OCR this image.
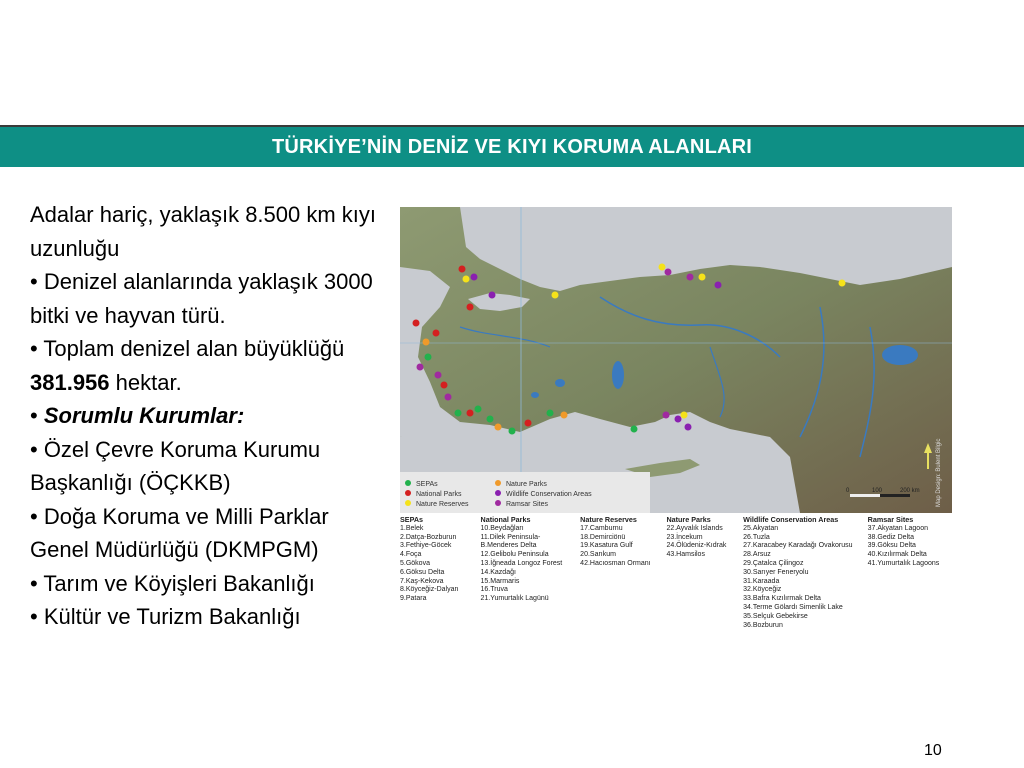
TÜRKİYE’NİN DENİZ VE KIYI KORUMA ALANLARI

Adalar hariç, yaklaşık 8.500 km kıyı uzunluğu

• Denizel alanlarında yaklaşık 3000 bitki ve hayvan türü.

• Toplam denizel alan büyüklüğü 381.956 hektar.

• Sorumlu Kurumlar:

• Özel Çevre Koruma Kurumu Başkanlığı (ÖÇKKB)

• Doğa Koruma ve Milli Parklar Genel Müdürlüğü (DKMPGM)

• Tarım ve Köyişleri Bakanlığı

• Kültür ve Turizm Bakanlığı

SEPAs
National Parks
Nature Reserves
Nature Parks
Wildlife Conservation Areas
Ramsar Sites
0	100	200 km	Map Design: Bulent Bilgic
SEPAs
1.Belek
2.Datça-Bozburun
3.Fethiye-Göcek
4.Foça
5.Gökova
6.Göksu Delta
7.Kaş-Kekova
8.Köyceğiz-Dalyan
9.Patara
National Parks
10.Beydağları
11.Dilek Peninsula-
B.Menderes Delta
12.Gelibolu Peninsula
13.İğneada Longoz Forest
14.Kazdağı
15.Marmaris
16.Truva
21.Yumurtalık Lagünü
Nature Reserves
17.Camburnu
18.Demirciönü
19.Kasatura Gulf
20.Sarıkum
42.Hacıosman Ormanı
Nature Parks
22.Ayvalık Islands
23.İncekum
24.Ölüdeniz-Kıdrak
43.Hamsilos
Wildlife Conservation Areas
25.Akyatan
26.Tuzla
27.Karacabey Karadağı Ovakorusu
28.Arsuz
29.Çatalca Çilingoz
30.Sarıyer Feneryolu
31.Karaada
32.Köyceğiz
33.Bafra Kızılırmak Delta
34.Terme Gölardı Simenlik Lake
35.Selçuk Gebekirse
36.Bozburun
Ramsar Sites
37.Akyatan Lagoon
38.Gediz Delta
39.Göksu Delta
40.Kızılırmak Delta
41.Yumurtalık Lagoons
10
